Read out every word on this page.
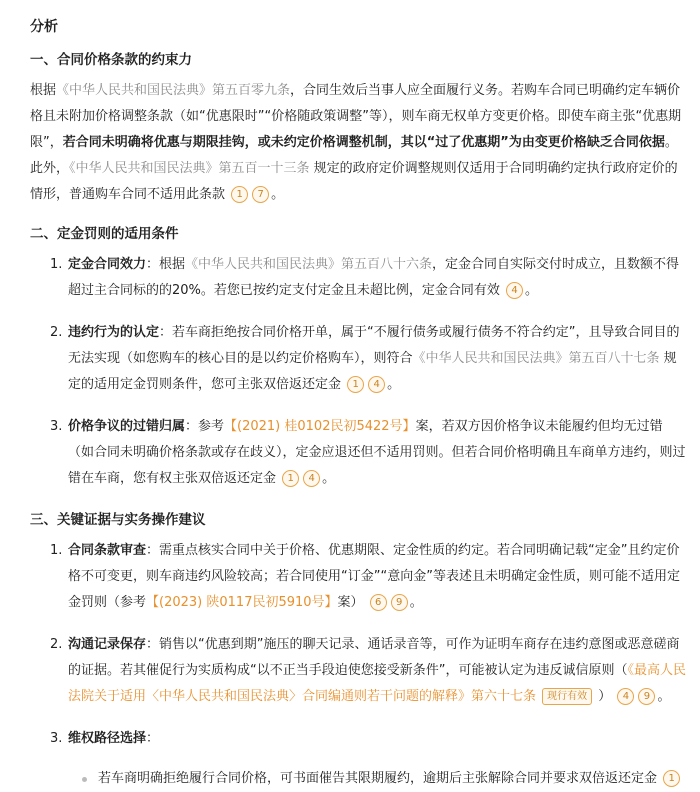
分析
一、合同价格条款的约束力
根据《中华人民共和国民法典》第五百零九条，合同生效后当事人应全面履行义务。若购车合同已明确约定车辆价格且未附加价格调整条款（如“优惠限时”“价格随政策调整”等），则车商无权单方变更价格。即使车商主张“优惠期限”，若合同未明确将优惠与期限挂钩，或未约定价格调整机制，其以“过了优惠期”为由变更价格缺乏合同依据。此外，《中华人民共和国民法典》第五百一十三条 规定的政府定价调整规则仅适用于合同明确约定执行政府定价的情形，普通购车合同不适用此条款 1 7 。
二、定金罚则的适用条件
1. 定金合同效力：根据《中华人民共和国民法典》第五百八十六条，定金合同自实际交付时成立，且数额不得超过主合同标的的20%。若您已按约定支付定金且未超比例，定金合同有效 4 。
2. 违约行为的认定：若车商拒绝按合同价格开单，属于“不履行债务或履行债务不符合约定”，且导致合同目的无法实现（如您购车的核心目的是以约定价格购车），则符合《中华人民共和国民法典》第五百八十七条 规定的适用定金罚则条件，您可主张双倍返还定金 1 4 。
3. 价格争议的过错归属：参考【(2021) 桂0102民初5422号】案，若双方因价格争议未能履约但均无过错（如合同未明确价格条款或存在歧义），定金应退还但不适用罚则。但若合同价格明确且车商单方违约，则过错在车商，您有权主张双倍返还定金 1 4 。
三、关键证据与实务操作建议
1. 合同条款审查：需重点核实合同中关于价格、优惠期限、定金性质的约定。若合同明确记载“定金”且约定价格不可变更，则车商违约风险较高；若合同使用“订金”“意向金”等表述且未明确定金性质，则可能不适用定金罚则（参考【(2023) 陕0117民初5910号】案） 6 9 。
2. 沟通记录保存：销售以“优惠到期”施压的聊天记录、通话录音等，可作为证明车商存在违约意图或恶意磋商的证据。若其催促行为实质构成“以不正当手段迫使您接受新条件”，可能被认定为违反诚信原则（《最高人民法院关于适用〈中华人民共和国民法典〉合同编通则若干问题的解释》第六十七条 现行有效 ） 4 9 。
3. 维权路径选择：
若车商明确拒绝履行合同价格，可书面催告其限期履约，逾期后主张解除合同并要求双倍返还定金 1
